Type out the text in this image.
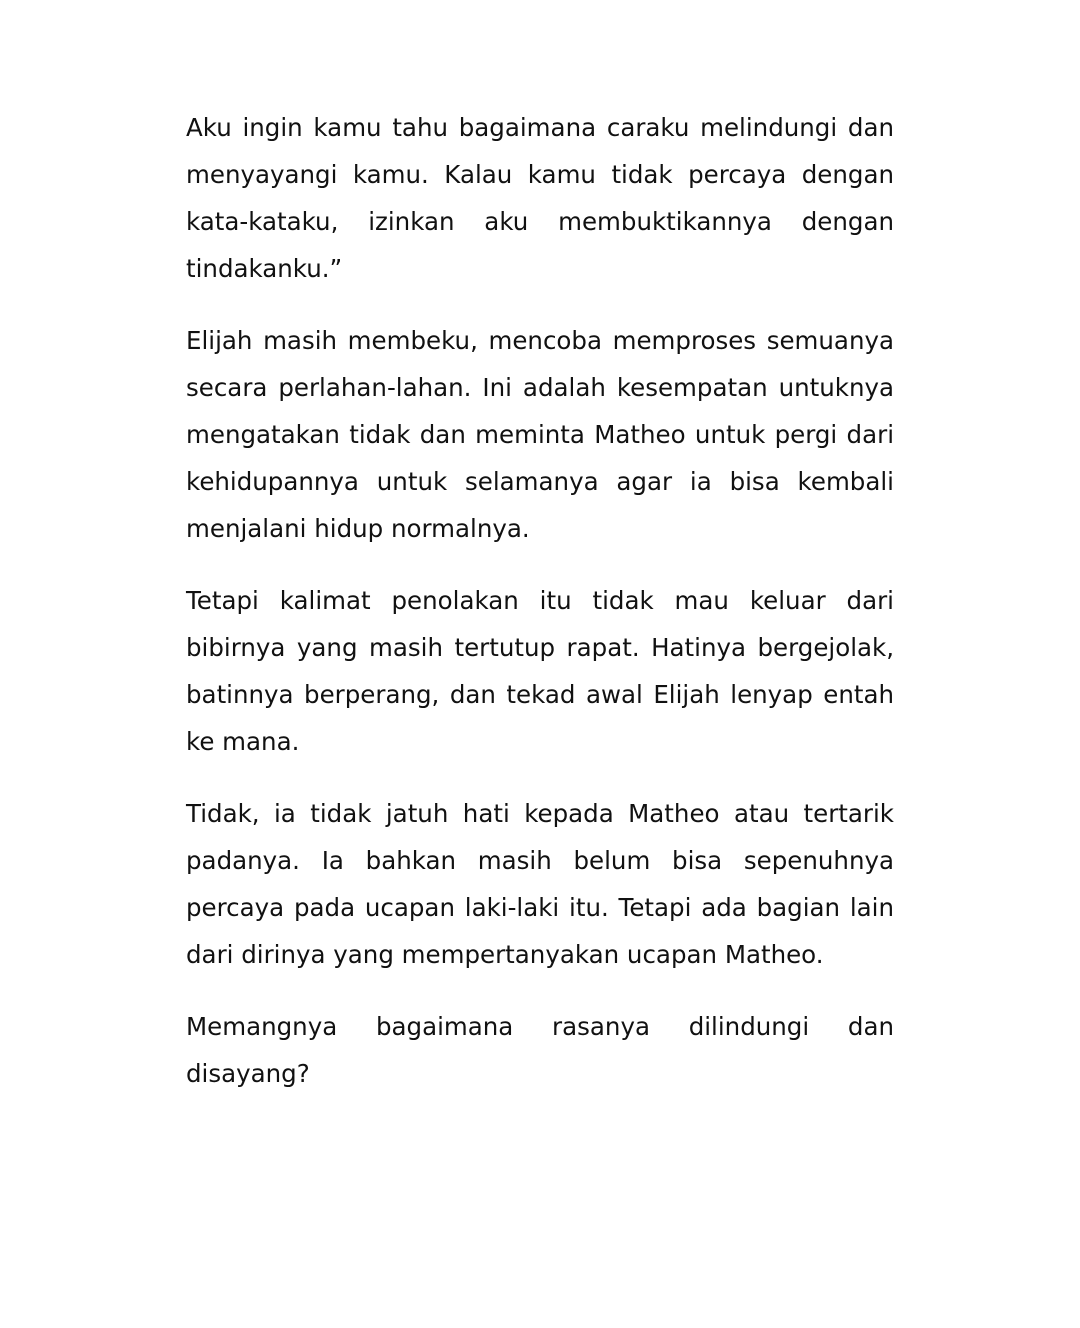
Aku ingin kamu tahu bagaimana caraku melindungi dan menyayangi kamu. Kalau kamu tidak percaya dengan kata-kataku, izinkan aku membuktikannya dengan tindakanku.”

Elijah masih membeku, mencoba memproses semuanya secara perlahan-lahan. Ini adalah kesempatan untuknya mengatakan tidak dan meminta Matheo untuk pergi dari kehidupannya untuk selamanya agar ia bisa kembali menjalani hidup normalnya.

Tetapi kalimat penolakan itu tidak mau keluar dari bibirnya yang masih tertutup rapat. Hatinya bergejolak, batinnya berperang, dan tekad awal Elijah lenyap entah ke mana.

Tidak, ia tidak jatuh hati kepada Matheo atau tertarik padanya. Ia bahkan masih belum bisa sepenuhnya percaya pada ucapan laki-laki itu. Tetapi ada bagian lain dari dirinya yang mempertanyakan ucapan Matheo.

Memangnya bagaimana rasanya dilindungi dan disayang?
